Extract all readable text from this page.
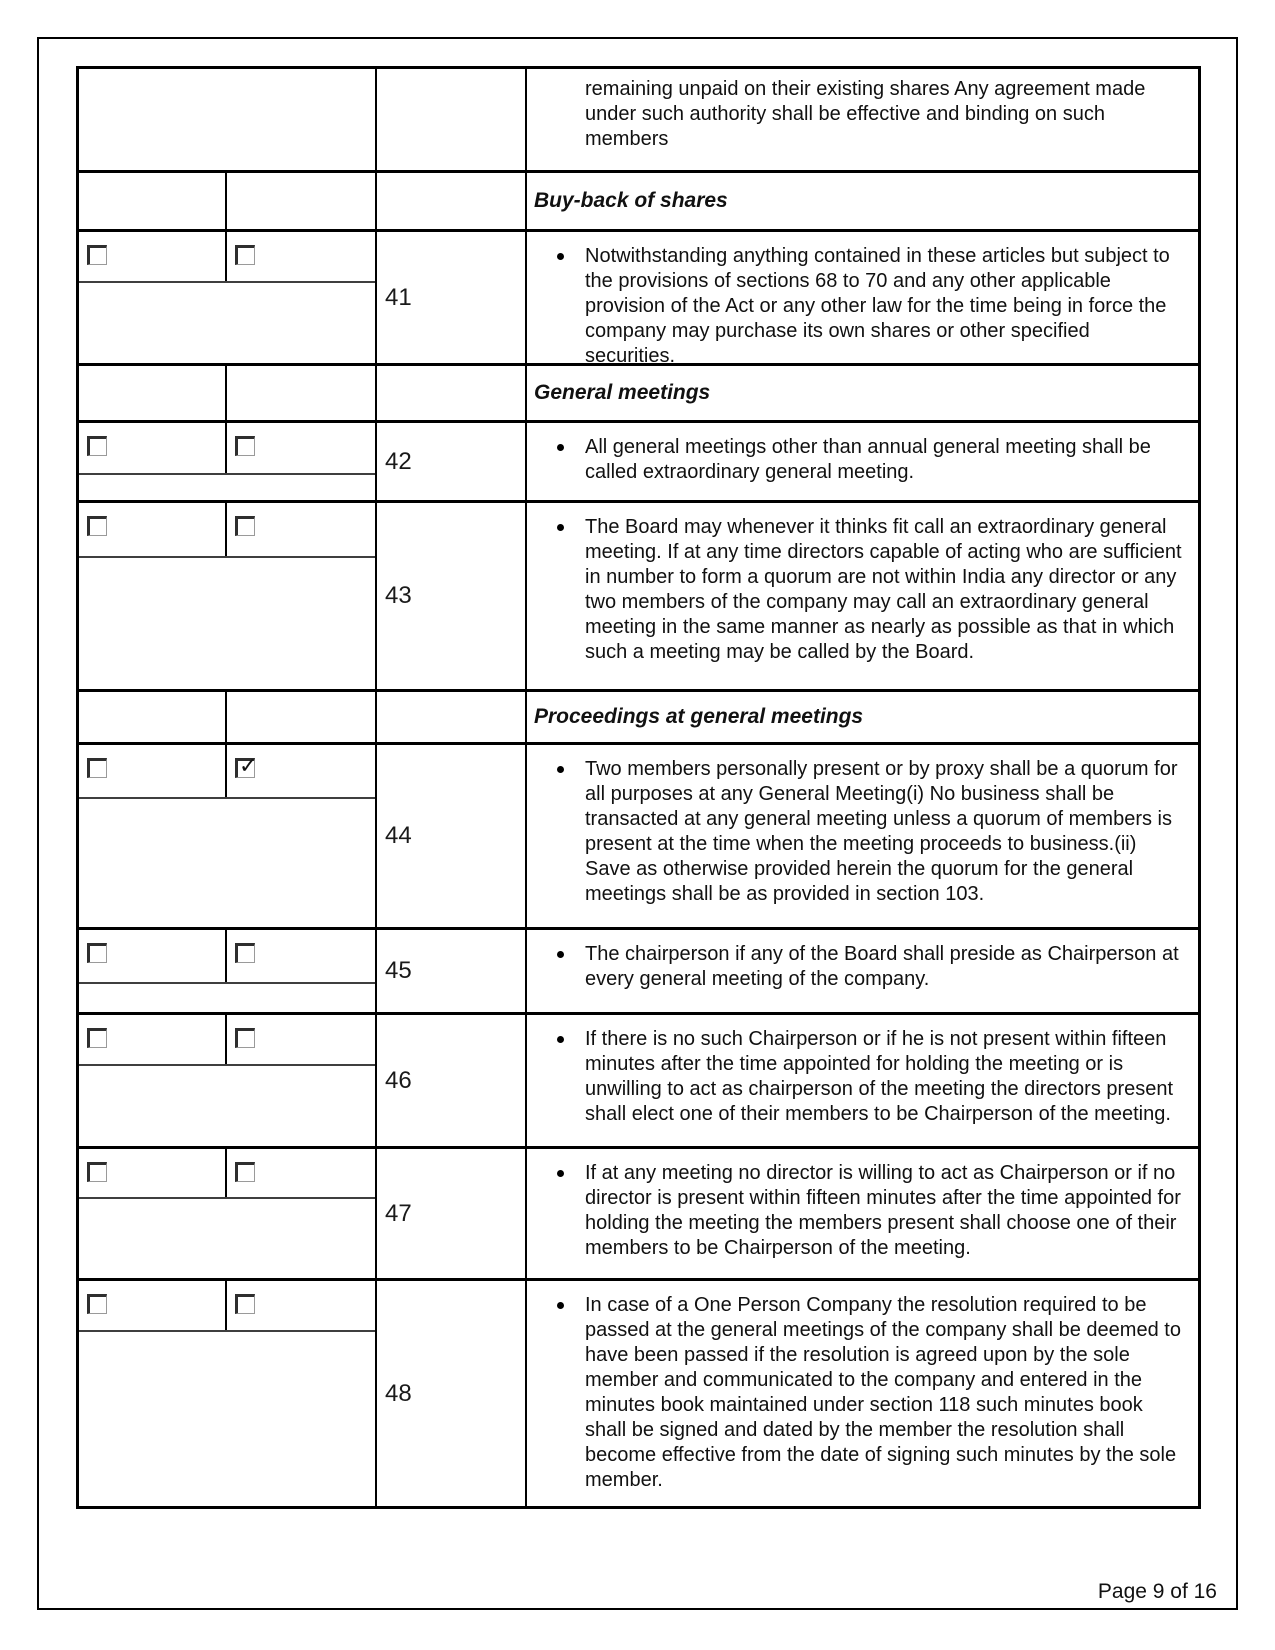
remaining unpaid on their existing shares Any agreement made under such authority shall be effective and binding on such members
Buy-back of shares
41
Notwithstanding anything contained in these articles but subject to the provisions of sections 68 to 70 and any other applicable provision of the Act or any other law for the time being in force the company may purchase its own shares or other specified securities.
General meetings
42
All general meetings other than annual general meeting shall be called extraordinary general meeting.
43
The Board may whenever it thinks fit call an extraordinary general meeting. If at any time directors capable of acting who are sufficient in number to form a quorum are not within India any director or any two members of the company may call an extraordinary general meeting in the same manner as nearly as possible as that in which such a meeting may be called by the Board.
Proceedings at general meetings
✓
44
Two members personally present or by proxy shall be a quorum for all purposes at any General Meeting(i) No business shall be transacted at any general meeting unless a quorum of members is present at the time when the meeting proceeds to business.(ii) Save as otherwise provided herein the quorum for the general meetings shall be as provided in section 103.
45
The chairperson if any of the Board shall preside as Chairperson at every general meeting of the company.
46
If there is no such Chairperson or if he is not present within fifteen minutes after the time appointed for holding the meeting or is unwilling to act as chairperson of the meeting the directors present shall elect one of their members to be Chairperson of the meeting.
47
If at any meeting no director is willing to act as Chairperson or if no director is present within fifteen minutes after the time appointed for holding the meeting the members present shall choose one of their members to be Chairperson of the meeting.
48
In case of a One Person Company the resolution required to be passed at the general meetings of the company shall be deemed to have been passed if the resolution is agreed upon by the sole member and communicated to the company and entered in the minutes book maintained under section 118 such minutes book shall be signed and dated by the member the resolution shall become effective from the date of signing such minutes by the sole member.
Page 9 of 16
